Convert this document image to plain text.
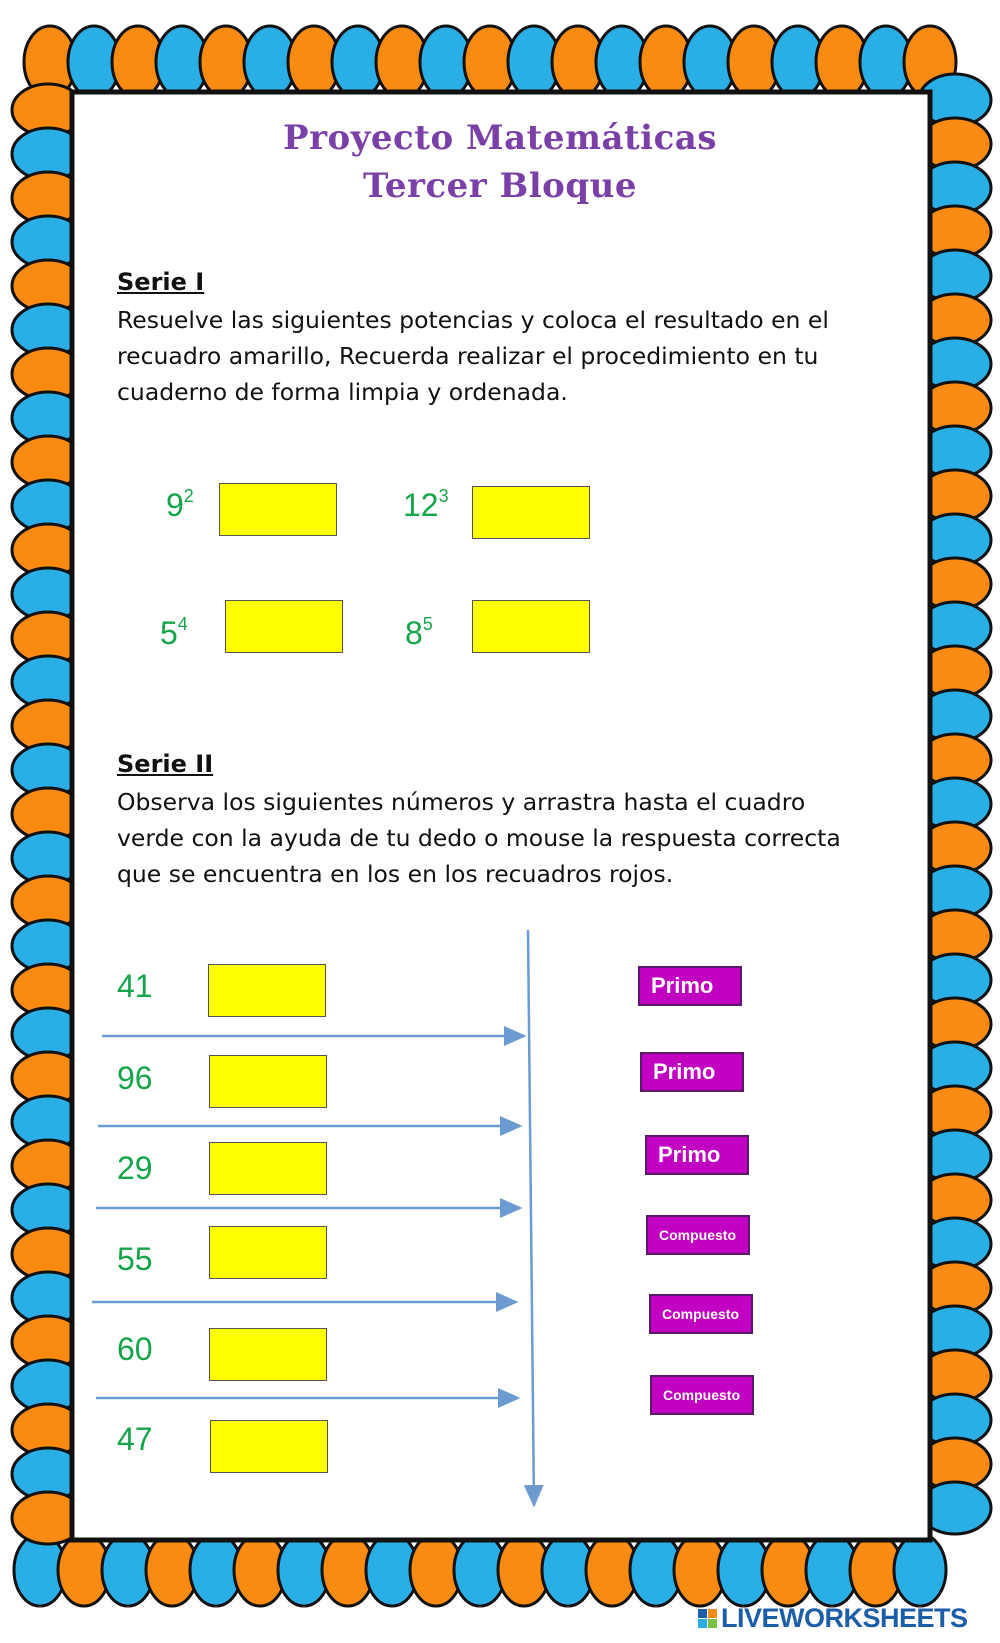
Proyecto Matemáticas
Tercer Bloque
Serie I
Resuelve las siguientes potencias y coloca el resultado en el
recuadro amarillo, Recuerda realizar el procedimiento en tu
cuaderno de forma limpia y ordenada.
$9^2$	$12^3$
$5^4$	$8^5$
Serie II
Observa los siguientes números y arrastra hasta el cuadro
verde con la ayuda de tu dedo o mouse la respuesta correcta
que se encuentra en los en los recuadros rojos.
41
96
29
55
60
47
Primo
Primo
Primo
Compuesto
Compuesto
Compuesto
LIVEWORKSHEETS
